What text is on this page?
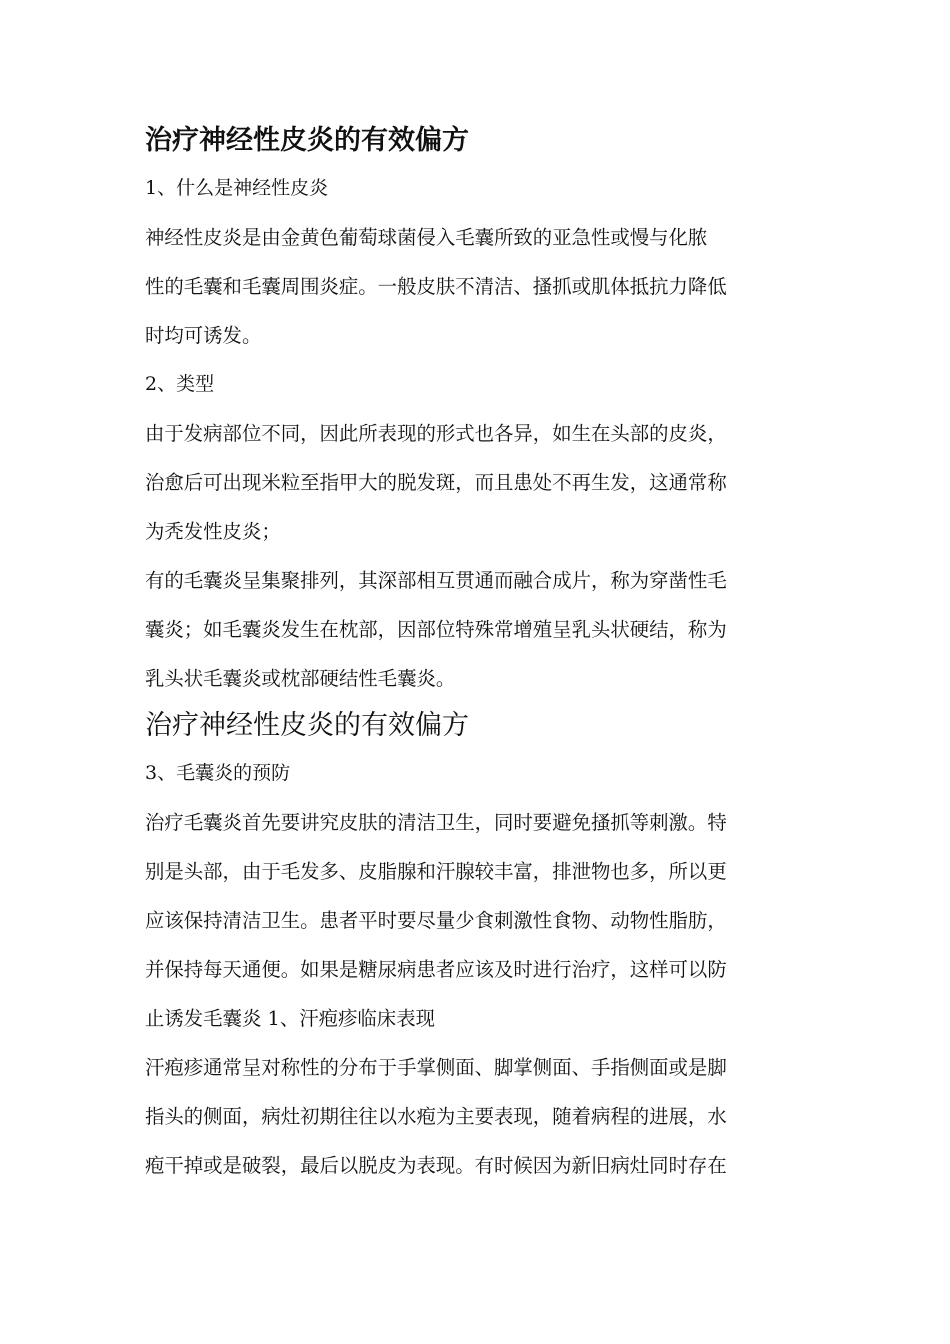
治疗神经性皮炎的有效偏方

1、什么是神经性皮炎

神经性皮炎是由金黄色葡萄球菌侵入毛囊所致的亚急性或慢与化脓
性的毛囊和毛囊周围炎症。一般皮肤不清洁、搔抓或肌体抵抗力降低
时均可诱发。

2、类型

由于发病部位不同，因此所表现的形式也各异，如生在头部的皮炎，
治愈后可出现米粒至指甲大的脱发斑，而且患处不再生发，这通常称
为秃发性皮炎；

有的毛囊炎呈集聚排列，其深部相互贯通而融合成片，称为穿凿性毛
囊炎；如毛囊炎发生在枕部，因部位特殊常增殖呈乳头状硬结，称为
乳头状毛囊炎或枕部硬结性毛囊炎。

治疗神经性皮炎的有效偏方

3、毛囊炎的预防

治疗毛囊炎首先要讲究皮肤的清洁卫生，同时要避免搔抓等刺激。特
别是头部，由于毛发多、皮脂腺和汗腺较丰富，排泄物也多，所以更
应该保持清洁卫生。患者平时要尽量少食刺激性食物、动物性脂肪，
并保持每天通便。如果是糖尿病患者应该及时进行治疗，这样可以防
止诱发毛囊炎 1、汗疱疹临床表现

汗疱疹通常呈对称性的分布于手掌侧面、脚掌侧面、手指侧面或是脚
指头的侧面，病灶初期往往以水疱为主要表现，随着病程的进展，水
疱干掉或是破裂，最后以脱皮为表现。有时候因为新旧病灶同时存在
